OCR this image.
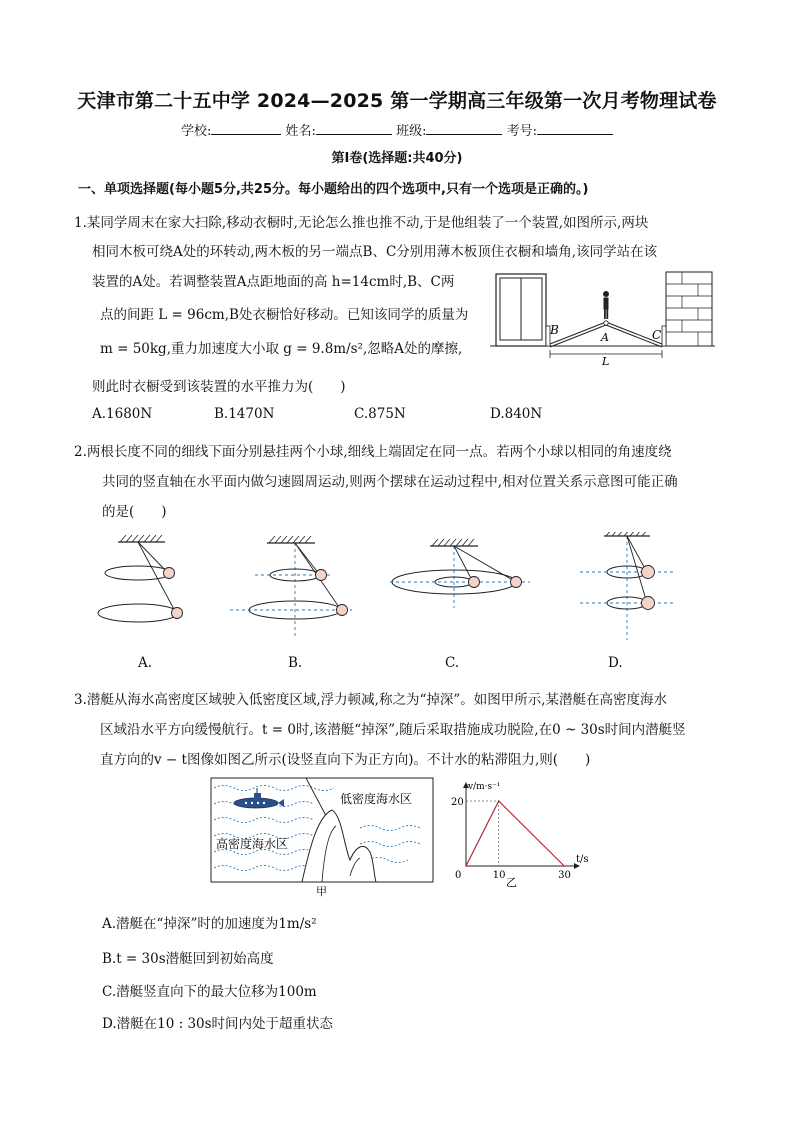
天津市第二十五中学 2024—2025 第一学期高三年级第一次月考物理试卷
学校:	姓名:	班级:	考号:
第Ⅰ卷(选择题:共40分)
一、单项选择题(每小题5分,共25分。每小题给出的四个选项中,只有一个选项是正确的。)
1.某同学周末在家大扫除,移动衣橱时,无论怎么推也推不动,于是他组装了一个装置,如图所示,两块
相同木板可绕A处的环转动,两木板的另一端点B、C分别用薄木板顶住衣橱和墙角,该同学站在该
装置的A处。若调整装置A点距地面的高 h=14cm时,B、C两
点的间距 L = 96cm,B处衣橱恰好移动。已知该同学的质量为
m = 50kg,重力加速度大小取 g = 9.8m/s²,忽略A处的摩擦,
则此时衣橱受到该装置的水平推力为(　　)
A.1680N	B.1470N	C.875N	D.840N
B
A	C
L
2.两根长度不同的细线下面分别悬挂两个小球,细线上端固定在同一点。若两个小球以相同的角速度绕
共同的竖直轴在水平面内做匀速圆周运动,则两个摆球在运动过程中,相对位置关系示意图可能正确
的是(　　)
A.	B.	C.	D.
3.潜艇从海水高密度区域驶入低密度区域,浮力顿减,称之为“掉深”。如图甲所示,某潜艇在高密度海水
区域沿水平方向缓慢航行。t = 0时,该潜艇“掉深”,随后采取措施成功脱险,在0 ~ 30s时间内潜艇竖
直方向的v − t图像如图乙所示(设竖直向下为正方向)。不计水的粘滞阻力,则(　　)
低密度海水区
高密度海水区
甲
0	10	30
20
v/m·s⁻¹
t/s
乙
A.潜艇在“掉深”时的加速度为1m/s²
B.t = 30s潜艇回到初始高度
C.潜艇竖直向下的最大位移为100m
D.潜艇在10 : 30s时间内处于超重状态
